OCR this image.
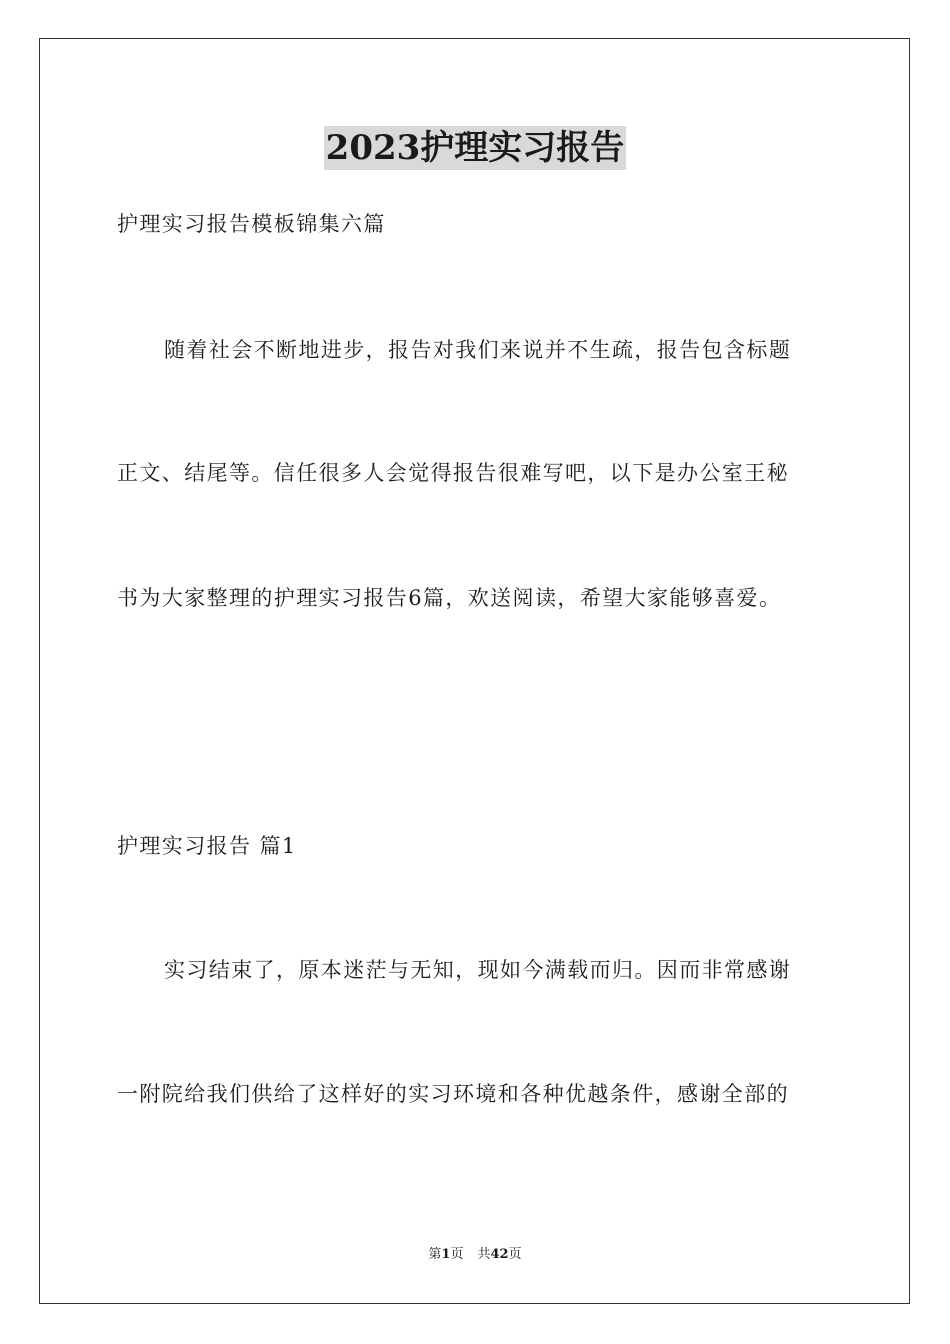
2023护理实习报告
护理实习报告模板锦集六篇
随着社会不断地进步，报告对我们来说并不生疏，报告包含标题
正文、结尾等。信任很多人会觉得报告很难写吧，以下是办公室王秘
书为大家整理的护理实习报告6篇，欢送阅读，希望大家能够喜爱。
护理实习报告 篇1
实习结束了，原本迷茫与无知，现如今满载而归。因而非常感谢
一附院给我们供给了这样好的实习环境和各种优越条件，感谢全部的
第1页 共42页
